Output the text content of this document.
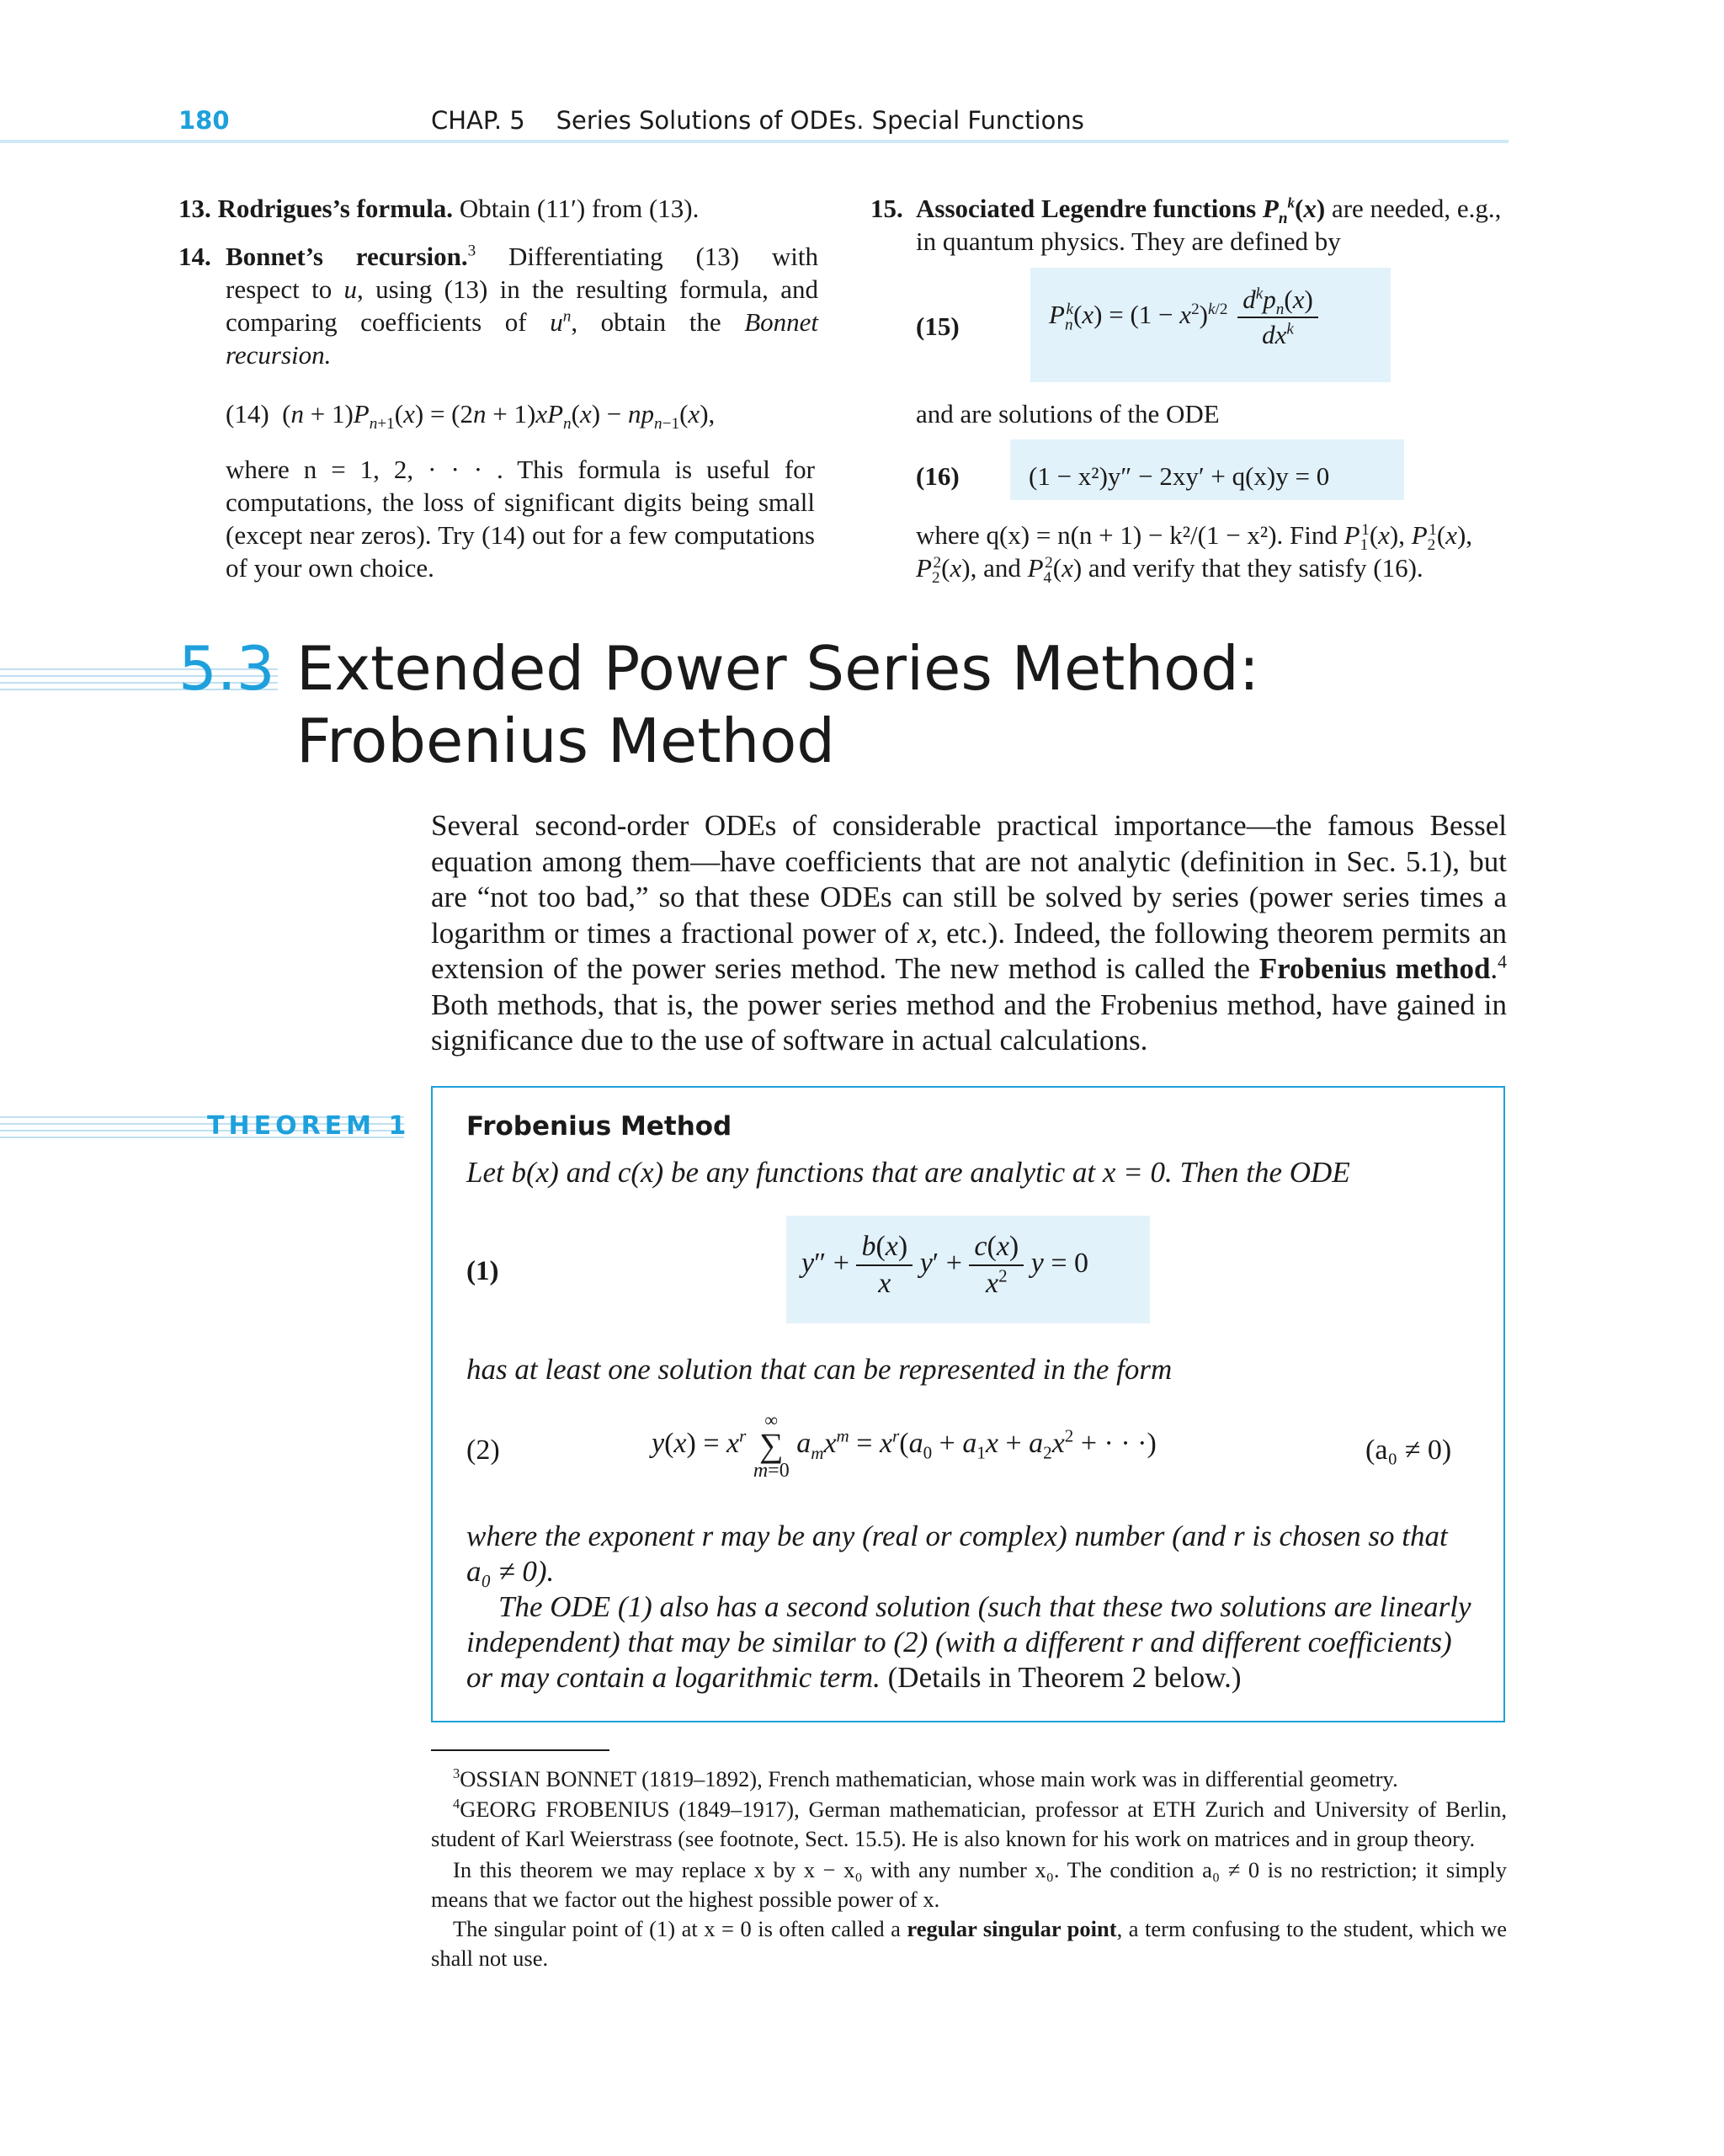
180	CHAP. 5    Series Solutions of ODEs. Special Functions
13. Rodrigues’s formula. Obtain (11′) from (13).
14. Bonnet’s recursion.$^3$ Differentiating (13) with respect to u, using (13) in the resulting formula, and comparing coefficients of $u^n$, obtain the Bonnet recursion.

(14)  $(n + 1)P_{n+1}(x) = (2n + 1)xP_n(x) - np_{n-1}(x)$,
where n = 1, 2, · · · . This formula is useful for computations, the loss of significant digits being small (except near zeros). Try (14) out for a few computations of your own choice.
15. Associated Legendre functions $P_n^k(x)$ are needed, e.g., in quantum physics. They are defined by

(15)	$P_n^k(x) = (1 - x^2)^{k/2} \frac{d^kp_n(x)}{dx^k}$
and are solutions of the ODE
(16)	(1 − x²)y″ − 2xy′ + q(x)y = 0
where q(x) = n(n + 1) − k²/(1 − x²). Find $P_1^1(x)$, $P_2^1(x)$, $P_2^2(x)$, and $P_4^2(x)$ and verify that they satisfy (16).
5.3 Extended Power Series Method:
Frobenius Method
Several second-order ODEs of considerable practical importance—the famous Bessel equation among them—have coefficients that are not analytic (definition in Sec. 5.1), but are “not too bad,” so that these ODEs can still be solved by series (power series times a logarithm or times a fractional power of x, etc.). Indeed, the following theorem permits an extension of the power series method. The new method is called the Frobenius method.$^4$ Both methods, that is, the power series method and the Frobenius method, have gained in significance due to the use of software in actual calculations.
THEOREM 1 Frobenius Method
Let b(x) and c(x) be any functions that are analytic at x = 0. Then the ODE
(1)	$y'' + \frac{b(x)}{x} y' + \frac{c(x)}{x^2}$ y = 0
has at least one solution that can be represented in the form
(2)	$y(x) = x^r$
∞
∑
m=0
$a_mx^m = x^r(a_0 + a_1x + a_2x^2$ + · · ·)	(a₀ ≠ 0)
where the exponent r may be any (real or complex) number (and r is chosen so that a₀ ≠ 0).
The ODE (1) also has a second solution (such that these two solutions are linearly independent) that may be similar to (2) (with a different r and different coefficients) or may contain a logarithmic term. (Details in Theorem 2 below.)
$^3$OSSIAN BONNET (1819–1892), French mathematician, whose main work was in differential geometry.
$^4$GEORG FROBENIUS (1849–1917), German mathematician, professor at ETH Zurich and University of Berlin, student of Karl Weierstrass (see footnote, Sect. 15.5). He is also known for his work on matrices and in group theory.
In this theorem we may replace x by x − x₀ with any number x₀. The condition a₀ ≠ 0 is no restriction; it simply means that we factor out the highest possible power of x.
The singular point of (1) at x = 0 is often called a regular singular point, a term confusing to the student, which we shall not use.
